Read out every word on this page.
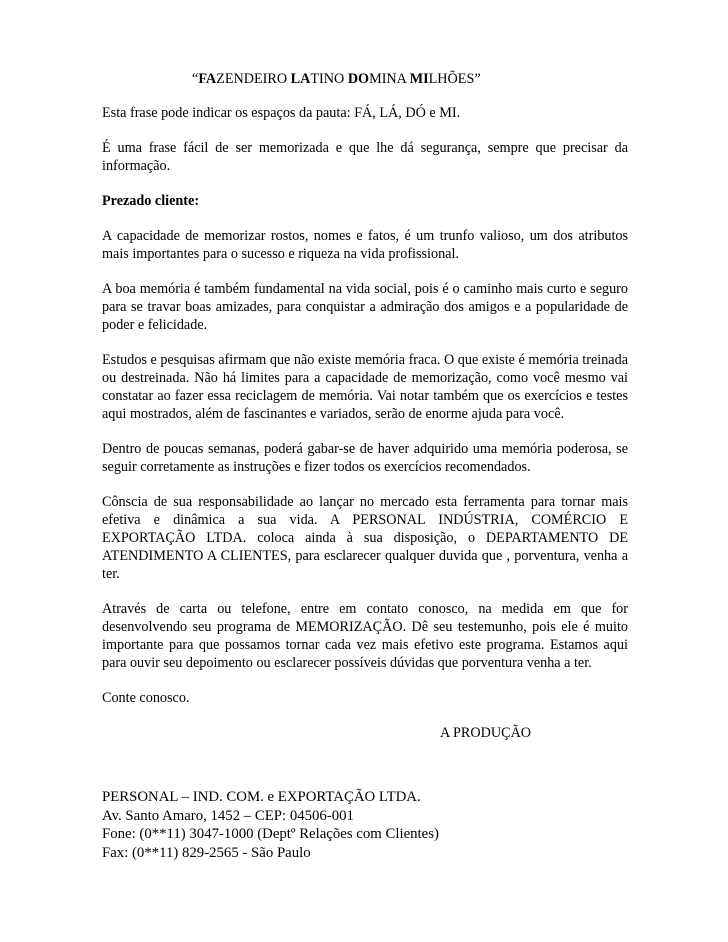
“FAZENDEIRO LATINO DOMINA MILHÕES”

Esta frase pode indicar os espaços da pauta: FÁ, LÁ, DÓ e MI.

É uma frase fácil de ser memorizada e que lhe dá segurança, sempre que precisar da informação.

Prezado cliente:

A capacidade de memorizar rostos, nomes e fatos, é um trunfo valioso, um dos atributos mais importantes para o sucesso e riqueza na vida profissional.

A boa memória é também fundamental na vida social, pois é o caminho mais curto e seguro para se travar boas amizades, para conquistar a admiração dos amigos e a popularidade de poder e felicidade.

Estudos e pesquisas afirmam que não existe memória fraca. O que existe é memória treinada ou destreinada. Não há limites para a capacidade de memorização, como você mesmo vai constatar ao fazer essa reciclagem de memória. Vai notar também que os exercícios e testes aqui mostrados, além de fascinantes e variados, serão de enorme ajuda para você.

Dentro de poucas semanas, poderá gabar-se de haver adquirido uma memória poderosa, se seguir corretamente as instruções e fizer todos os exercícios recomendados.

Cônscia de sua responsabilidade ao lançar no mercado esta ferramenta para tornar mais efetiva e dinâmica a sua vida. A PERSONAL INDÚSTRIA, COMÉRCIO E EXPORTAÇÃO LTDA. coloca ainda à sua disposição, o DEPARTAMENTO DE ATENDIMENTO A CLIENTES, para esclarecer qualquer duvida que , porventura, venha a ter.

Através de carta ou telefone, entre em contato conosco, na medida em que for desenvolvendo seu programa de MEMORIZAÇÃO. Dê seu testemunho, pois ele é muito importante para que possamos tornar cada vez mais efetivo este programa. Estamos aqui para ouvir seu depoimento ou esclarecer possíveis dúvidas que porventura venha a ter.

Conte conosco.

A PRODUÇÃO
PERSONAL – IND. COM. e EXPORTAÇÃO LTDA.
Av. Santo Amaro, 1452 – CEP: 04506-001
Fone: (0**11) 3047-1000 (Deptº Relações com Clientes)
Fax: (0**11) 829-2565 - São Paulo
